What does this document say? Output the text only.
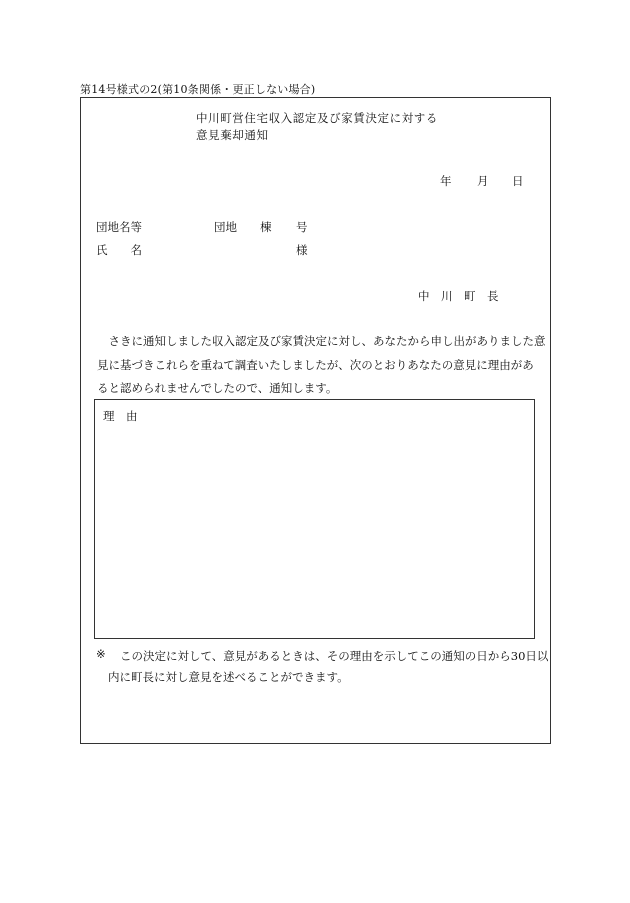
第14号様式の2(第10条関係・更正しない場合)
中川町営住宅収入認定及び家賃決定に対する
意見棄却通知
年 月 日
団地名等	団地 棟 号
氏　　名	様
中　川　町　長

　さきに通知しました収入認定及び家賃決定に対し、あなたから申し出がありました意

見に基づきこれらを重ねて調査いたしましたが、次のとおりあなたの意見に理由があ

ると認められませんでしたので、通知します。

理　由
※ この決定に対して、意見があるときは、その理由を示してこの通知の日から30日以

内に町長に対し意見を述べることができます。
